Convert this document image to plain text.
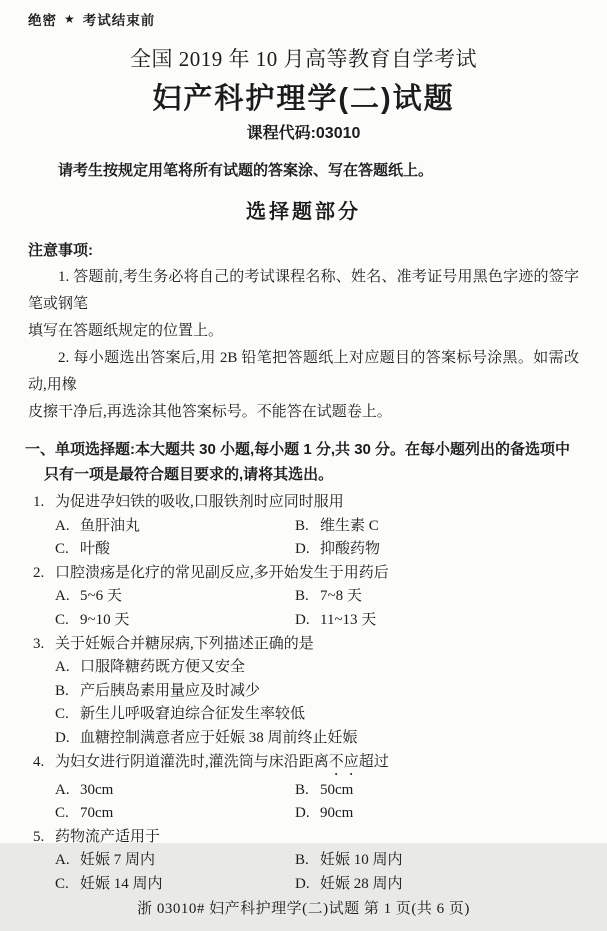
绝密 ★ 考试结束前
全国 2019 年 10 月高等教育自学考试
妇产科护理学(二)试题
课程代码:03010
请考生按规定用笔将所有试题的答案涂、写在答题纸上。
选择题部分
注意事项:
1. 答题前,考生务必将自己的考试课程名称、姓名、准考证号用黑色字迹的签字笔或钢笔
填写在答题纸规定的位置上。
2. 每小题选出答案后,用 2B 铅笔把答题纸上对应题目的答案标号涂黑。如需改动,用橡
皮擦干净后,再选涂其他答案标号。不能答在试题卷上。
一、单项选择题:本大题共 30 小题,每小题 1 分,共 30 分。在每小题列出的备选项中
只有一项是最符合题目要求的,请将其选出。
1. 为促进孕妇铁的吸收,口服铁剂时应同时服用
A. 鱼肝油丸	B. 维生素 C
C. 叶酸	D. 抑酸药物
2. 口腔溃疡是化疗的常见副反应,多开始发生于用药后
A. 5~6 天	B. 7~8 天
C. 9~10 天	D. 11~13 天
3. 关于妊娠合并糖尿病,下列描述正确的是
A. 口服降糖药既方便又安全
B. 产后胰岛素用量应及时减少
C. 新生儿呼吸窘迫综合征发生率较低
D. 血糖控制满意者应于妊娠 38 周前终止妊娠
4. 为妇女进行阴道灌洗时,灌洗筒与床沿距离不应超过
A. 30cm	B. 50cm
C. 70cm	D. 90cm
5. 药物流产适用于
A. 妊娠 7 周内	B. 妊娠 10 周内
C. 妊娠 14 周内	D. 妊娠 28 周内
浙 03010# 妇产科护理学(二)试题 第 1 页(共 6 页)
